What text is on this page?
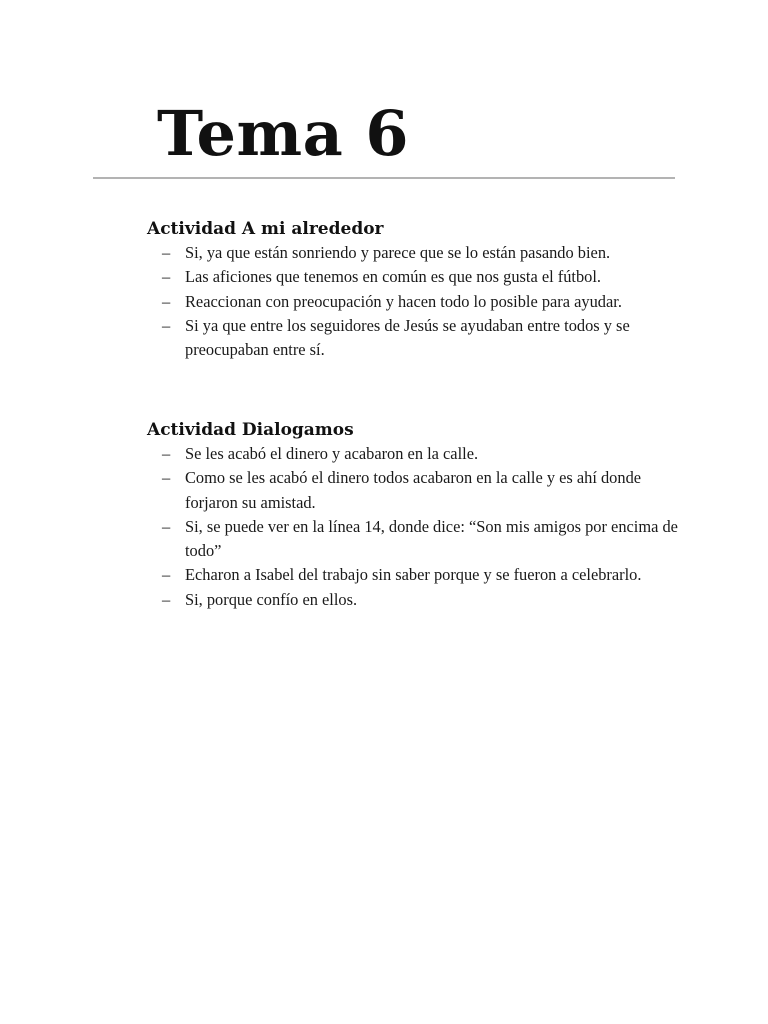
Tema 6
Actividad A mi alrededor
– Si, ya que están sonriendo y parece que se lo están pasando bien.
– Las aficiones que tenemos en común es que nos gusta el fútbol.
– Reaccionan con preocupación y hacen todo lo posible para ayudar.
– Si ya que entre los seguidores de Jesús se ayudaban entre todos y se preocupaban entre sí.
Actividad Dialogamos
– Se les acabó el dinero y acabaron en la calle.
– Como se les acabó el dinero todos acabaron en la calle y es ahí donde forjaron su amistad.
– Si, se puede ver en la línea 14, donde dice: “Son mis amigos por encima de todo”
– Echaron a Isabel del trabajo sin saber porque y se fueron a celebrarlo.
– Si, porque confío en ellos.
